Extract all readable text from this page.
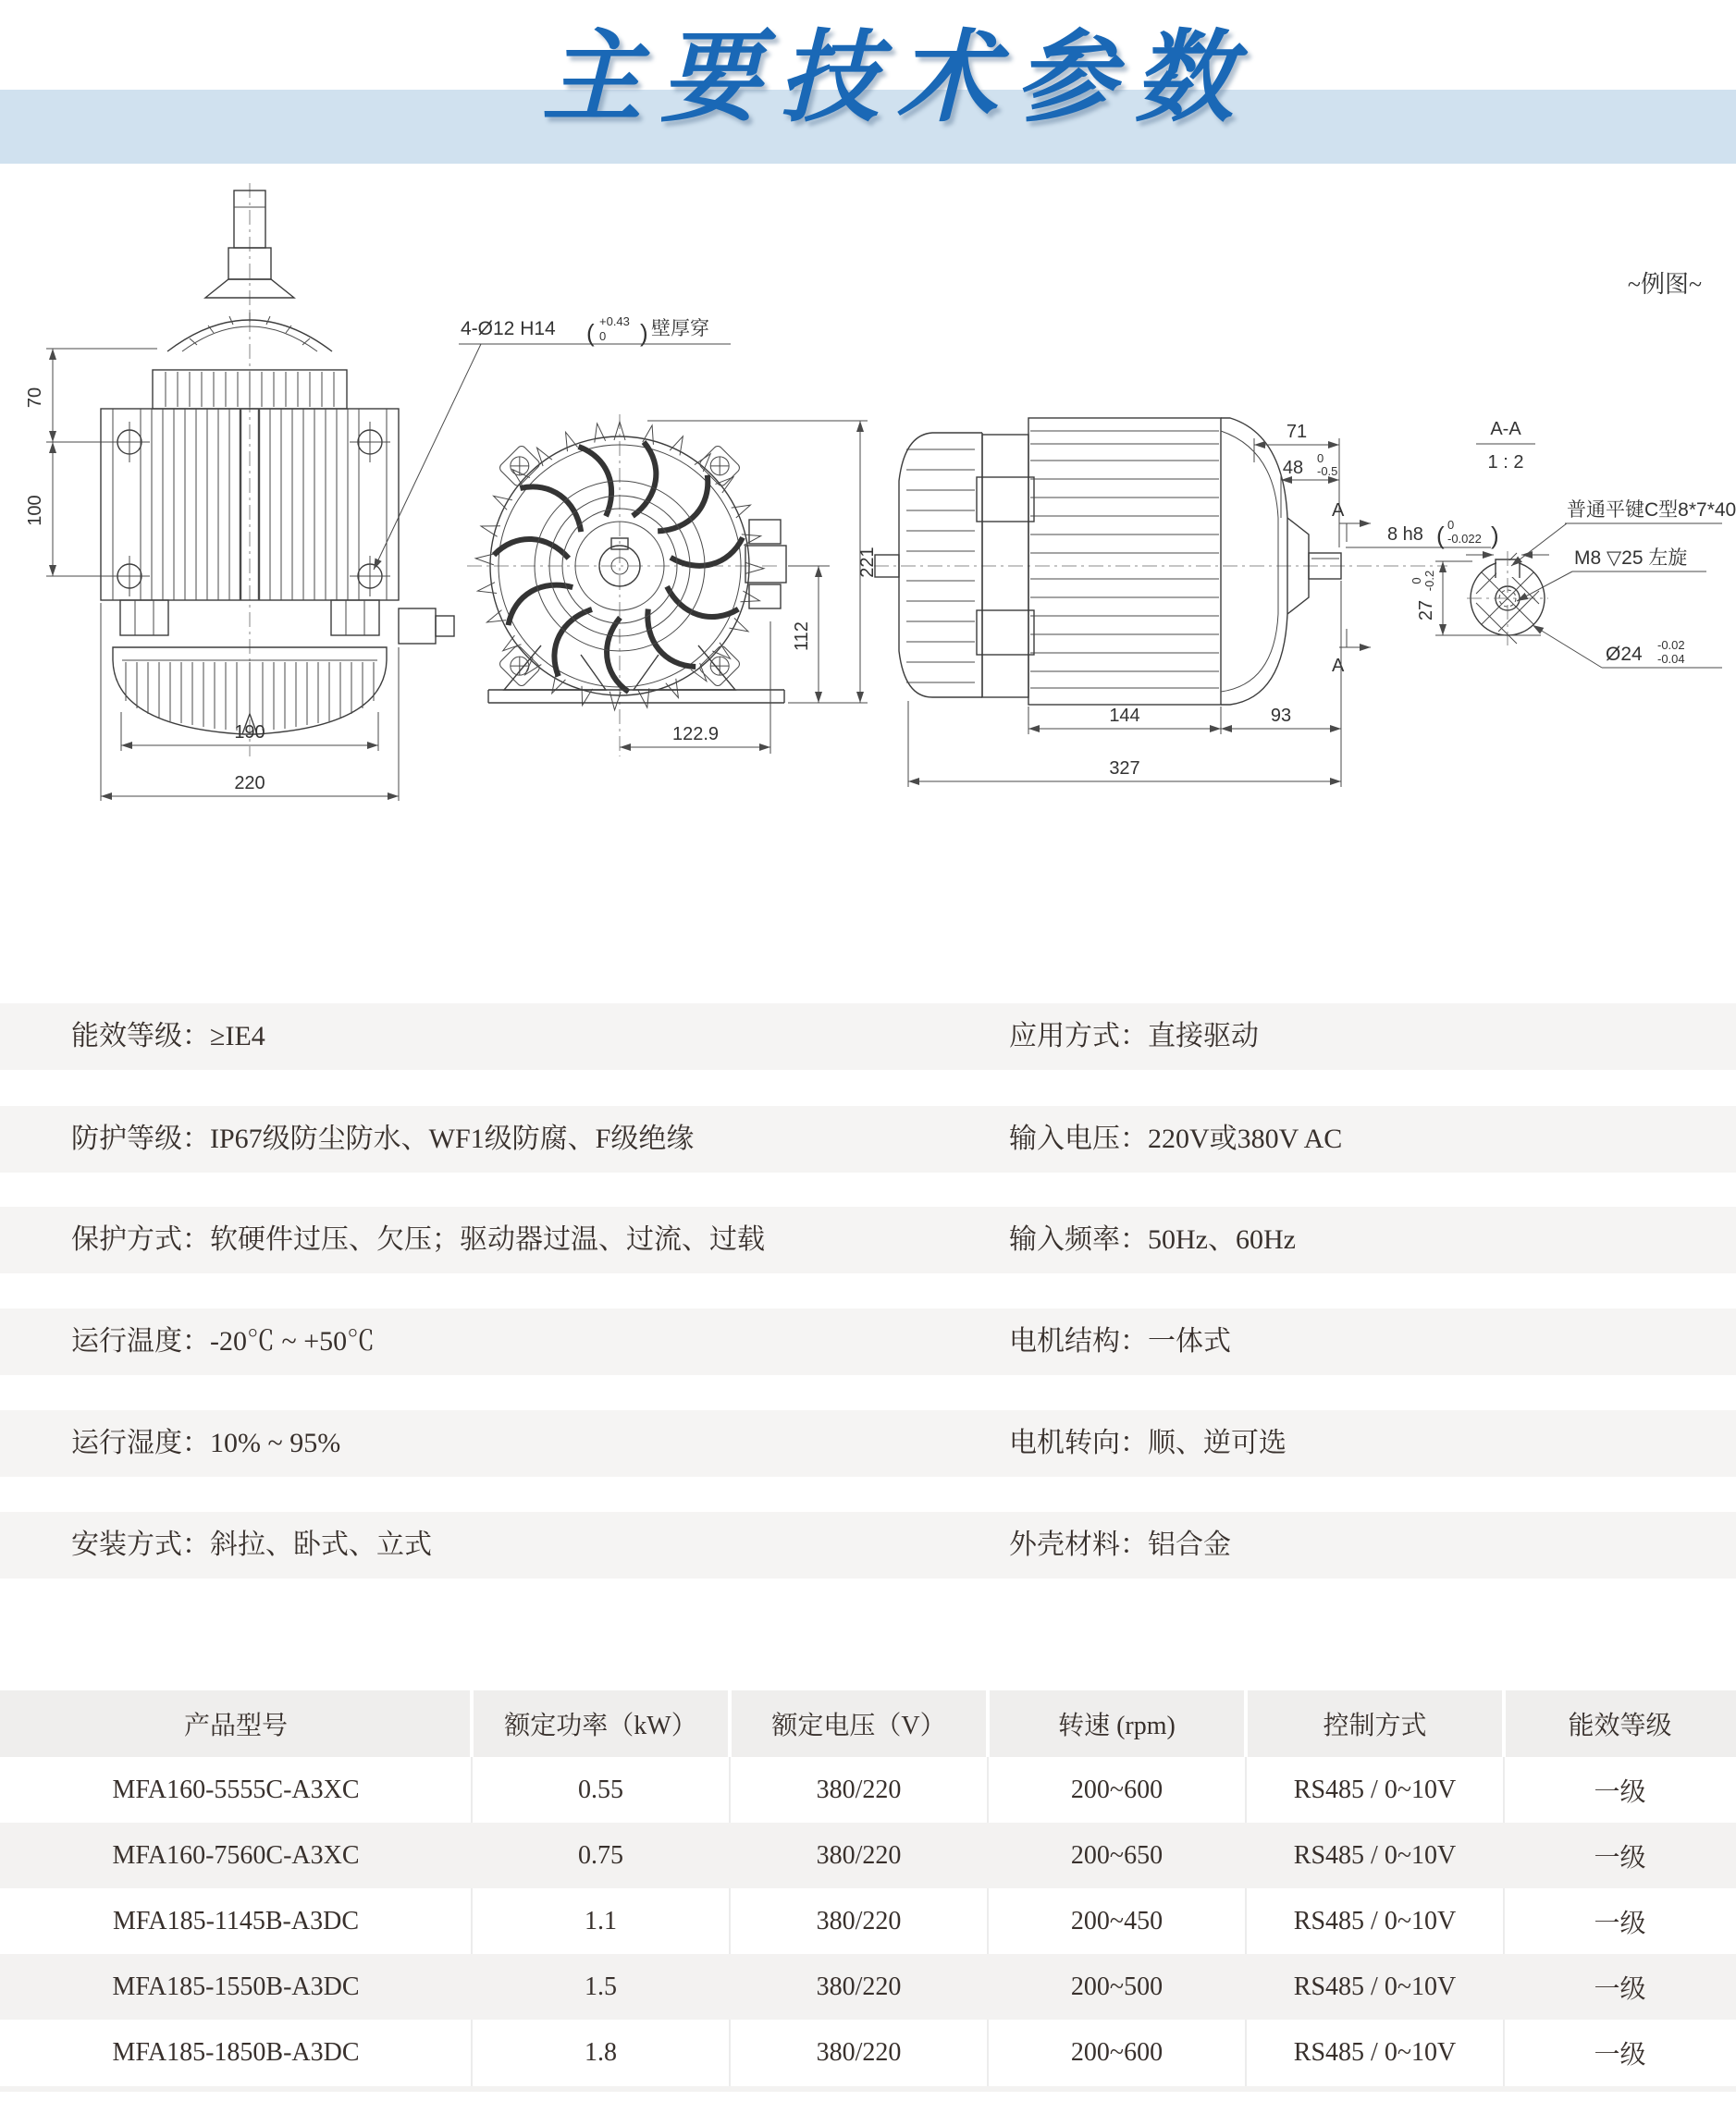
主要技术参数
~例图~
190
220
70
100
4-Ø12 H14 ( +0.43
0 ) 壁厚穿
221
112
122.9
71
48 0
-0.5
A
A
144	93
327
A-A
1 : 2
8 h8 ( 0
-0.022 )
27
0 -0.2
普通平键C型8*7*40
M8 ▽25 左旋
Ø24 -0.02
-0.04
能效等级：≥IE4	应用方式：直接驱动
防护等级：IP67级防尘防水、WF1级防腐、F级绝缘	输入电压：220V或380V AC
保护方式：软硬件过压、欠压；驱动器过温、过流、过载	输入频率：50Hz、60Hz
运行温度：-20℃ ~ +50℃	电机结构：一体式
运行湿度：10% ~ 95%	电机转向：顺、逆可选
安装方式：斜拉、卧式、立式	外壳材料：铝合金
产品型号	额定功率（kW）	额定电压（V）	转速 (rpm)	控制方式	能效等级
MFA160-5555C-A3XC	0.55	380/220	200~600	RS485 / 0~10V	一级
MFA160-7560C-A3XC	0.75	380/220	200~650	RS485 / 0~10V	一级
MFA185-1145B-A3DC	1.1	380/220	200~450	RS485 / 0~10V	一级
MFA185-1550B-A3DC	1.5	380/220	200~500	RS485 / 0~10V	一级
MFA185-1850B-A3DC	1.8	380/220	200~600	RS485 / 0~10V	一级
